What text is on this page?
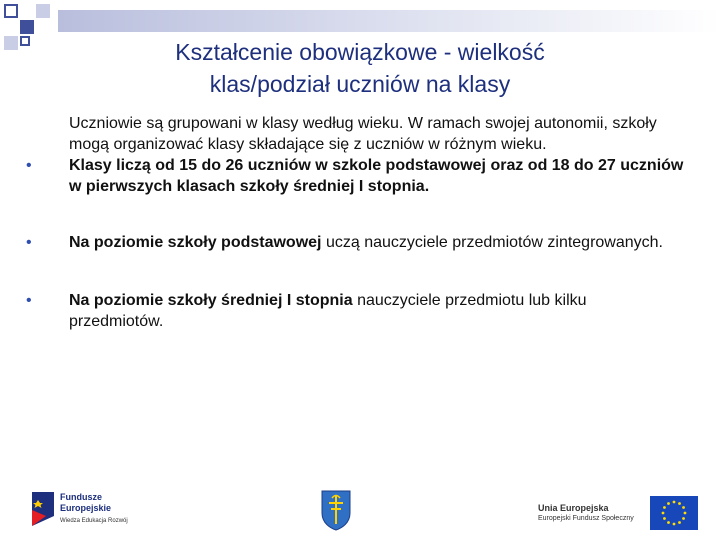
Kształcenie obowiązkowe - wielkość
klas/podział uczniów na klasy

Uczniowie są grupowani w klasy według wieku. W ramach swojej autonomii, szkoły mogą organizować klasy składające się z uczniów w różnym wieku.

• Klasy liczą od 15 do 26 uczniów w szkole podstawowej oraz od 18 do 27 uczniów w pierwszych klasach szkoły średniej I stopnia.

• Na poziomie szkoły podstawowej uczą nauczyciele przedmiotów zintegrowanych.

• Na poziomie szkoły średniej I stopnia nauczyciele przedmiotu lub kilku przedmiotów.

Fundusze
Europejskie
Wiedza Edukacja Rozwój
Unia Europejska
Europejski Fundusz Społeczny
